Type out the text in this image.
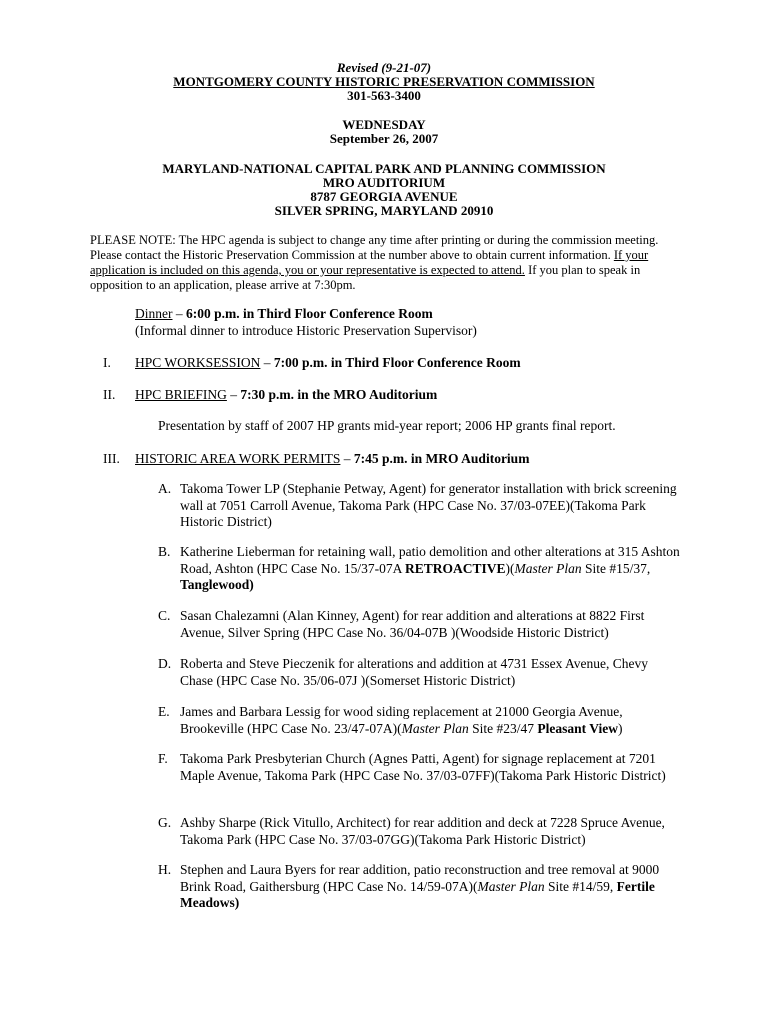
Revised (9-21-07)
MONTGOMERY COUNTY HISTORIC PRESERVATION COMMISSION
301-563-3400
WEDNESDAY
September 26, 2007
MARYLAND-NATIONAL CAPITAL PARK AND PLANNING COMMISSION
MRO AUDITORIUM
8787 GEORGIA AVENUE
SILVER SPRING, MARYLAND 20910
PLEASE NOTE: The HPC agenda is subject to change any time after printing or during the commission meeting. Please contact the Historic Preservation Commission at the number above to obtain current information. If your application is included on this agenda, you or your representative is expected to attend. If you plan to speak in opposition to an application, please arrive at 7:30pm.
Dinner – 6:00 p.m. in Third Floor Conference Room
(Informal dinner to introduce Historic Preservation Supervisor)
I. HPC WORKSESSION – 7:00 p.m. in Third Floor Conference Room
II. HPC BRIEFING – 7:30 p.m. in the MRO Auditorium
Presentation by staff of 2007 HP grants mid-year report; 2006 HP grants final report.
III. HISTORIC AREA WORK PERMITS – 7:45 p.m. in MRO Auditorium
A. Takoma Tower LP (Stephanie Petway, Agent) for generator installation with brick screening wall at 7051 Carroll Avenue, Takoma Park (HPC Case No. 37/03-07EE)(Takoma Park Historic District)
B. Katherine Lieberman for retaining wall, patio demolition and other alterations at 315 Ashton Road, Ashton (HPC Case No. 15/37-07A RETROACTIVE)(Master Plan Site #15/37, Tanglewood)
C. Sasan Chalezamni (Alan Kinney, Agent) for rear addition and alterations at 8822 First Avenue, Silver Spring (HPC Case No. 36/04-07B )(Woodside Historic District)
D. Roberta and Steve Pieczenik for alterations and addition at 4731 Essex Avenue, Chevy Chase (HPC Case No. 35/06-07J )(Somerset Historic District)
E. James and Barbara Lessig for wood siding replacement at 21000 Georgia Avenue, Brookeville (HPC Case No. 23/47-07A)(Master Plan Site #23/47 Pleasant View)
F. Takoma Park Presbyterian Church (Agnes Patti, Agent) for signage replacement at 7201 Maple Avenue, Takoma Park (HPC Case No. 37/03-07FF)(Takoma Park Historic District)
G. Ashby Sharpe (Rick Vitullo, Architect) for rear addition and deck at 7228 Spruce Avenue, Takoma Park (HPC Case No. 37/03-07GG)(Takoma Park Historic District)
H. Stephen and Laura Byers for rear addition, patio reconstruction and tree removal at 9000 Brink Road, Gaithersburg (HPC Case No. 14/59-07A)(Master Plan Site #14/59, Fertile Meadows)
